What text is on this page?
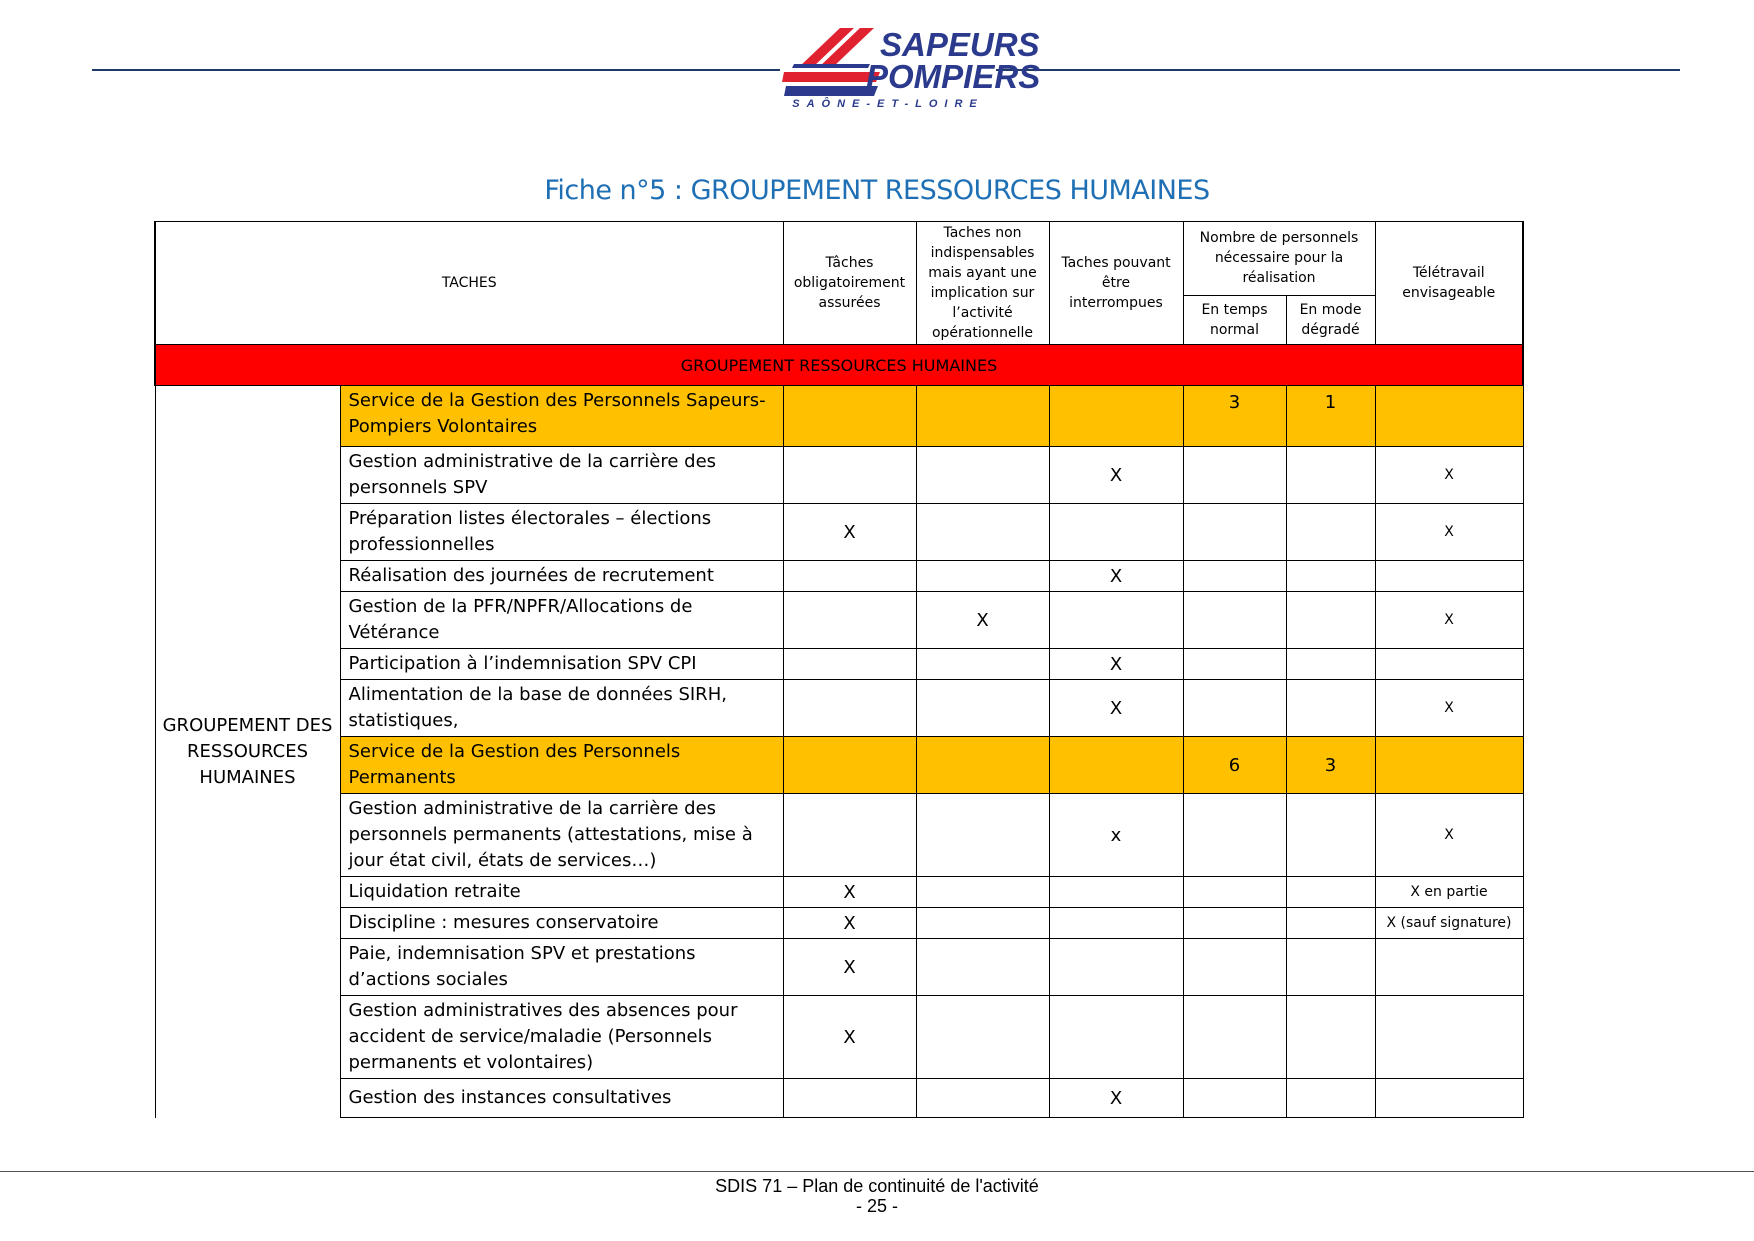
SAPEURS
POMPIERS
SAÔNE-ET-LOIRE
Fiche n°5 : GROUPEMENT RESSOURCES HUMAINES
TACHES		Tâches obligatoirement assurées	Taches non indispensables mais ayant une implication sur l’activité opérationnelle	Taches pouvant être interrompues	Nombre de personnels nécessaire pour la réalisation		Télétravail envisageable
					En temps normal	En mode dégradé	
GROUPEMENT RESSOURCES HUMAINES							
GROUPEMENT DES RESSOURCES HUMAINES	Service de la Gestion des Personnels Sapeurs-Pompiers Volontaires				3	1	
	Gestion administrative de la carrière des personnels SPV			X			X
	Préparation listes électorales – élections professionnelles	X					X
	Réalisation des journées de recrutement			X			
	Gestion de la PFR/NPFR/Allocations de Vétérance		X				X
	Participation à l’indemnisation SPV CPI			X			
	Alimentation de la base de données SIRH, statistiques,			X			X
	Service de la Gestion des Personnels Permanents				6	3	
	Gestion administrative de la carrière des personnels permanents (attestations, mise à jour état civil, états de services…)			x			X
	Liquidation retraite	X					X en partie
	Discipline : mesures conservatoire	X					X (sauf signature)
	Paie, indemnisation SPV et prestations d’actions sociales	X					
	Gestion administratives des absences pour accident de service/maladie (Personnels permanents et volontaires)	X					
	Gestion des instances consultatives			X			
SDIS 71 – Plan de continuité de l'activité
- 25 -
